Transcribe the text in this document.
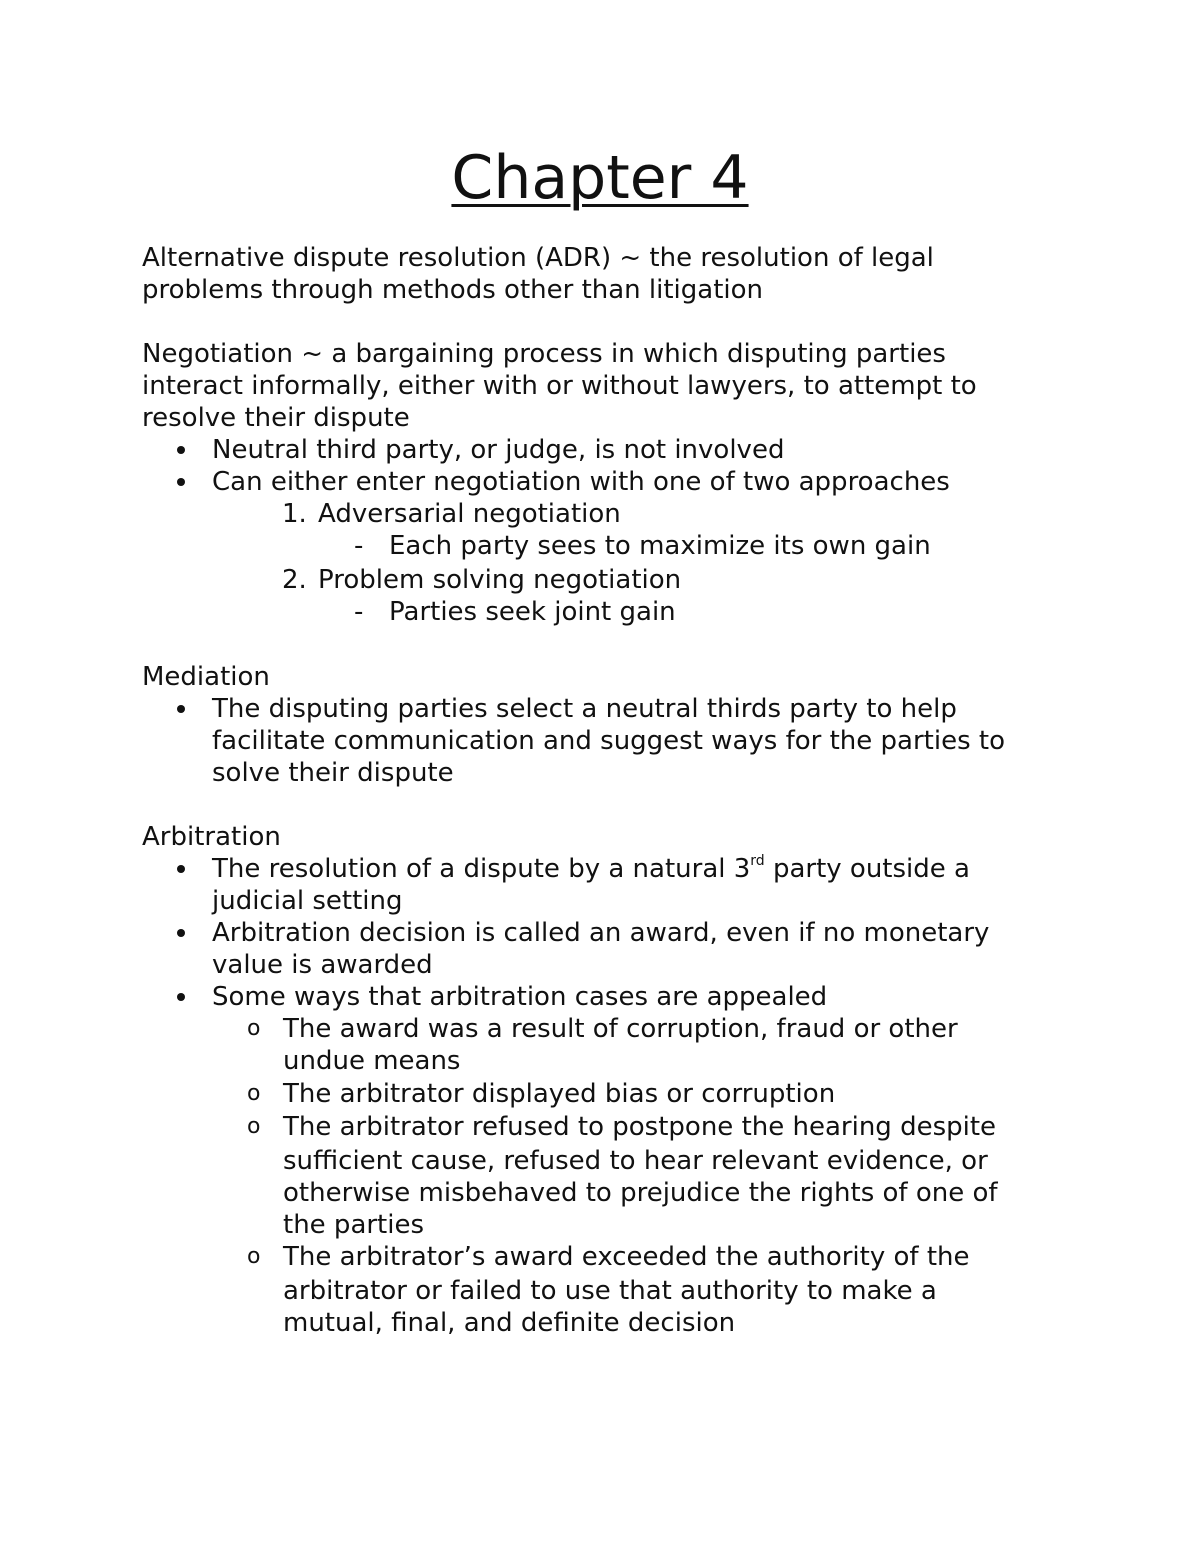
Chapter 4
Alternative dispute resolution (ADR) ~ the resolution of legal
problems through methods other than litigation
Negotiation ~ a bargaining process in which disputing parties
interact informally, either with or without lawyers, to attempt to
resolve their dispute
Neutral third party, or judge, is not involved
Can either enter negotiation with one of two approaches
1. Adversarial negotiation
- Each party sees to maximize its own gain
2. Problem solving negotiation
- Parties seek joint gain
Mediation
The disputing parties select a neutral thirds party to help
facilitate communication and suggest ways for the parties to
solve their dispute
Arbitration
The resolution of a dispute by a natural 3rd party outside a
judicial setting
Arbitration decision is called an award, even if no monetary
value is awarded
Some ways that arbitration cases are appealed
o The award was a result of corruption, fraud or other
undue means
o The arbitrator displayed bias or corruption
o The arbitrator refused to postpone the hearing despite
sufficient cause, refused to hear relevant evidence, or
otherwise misbehaved to prejudice the rights of one of
the parties
o The arbitrator’s award exceeded the authority of the
arbitrator or failed to use that authority to make a
mutual, final, and definite decision
